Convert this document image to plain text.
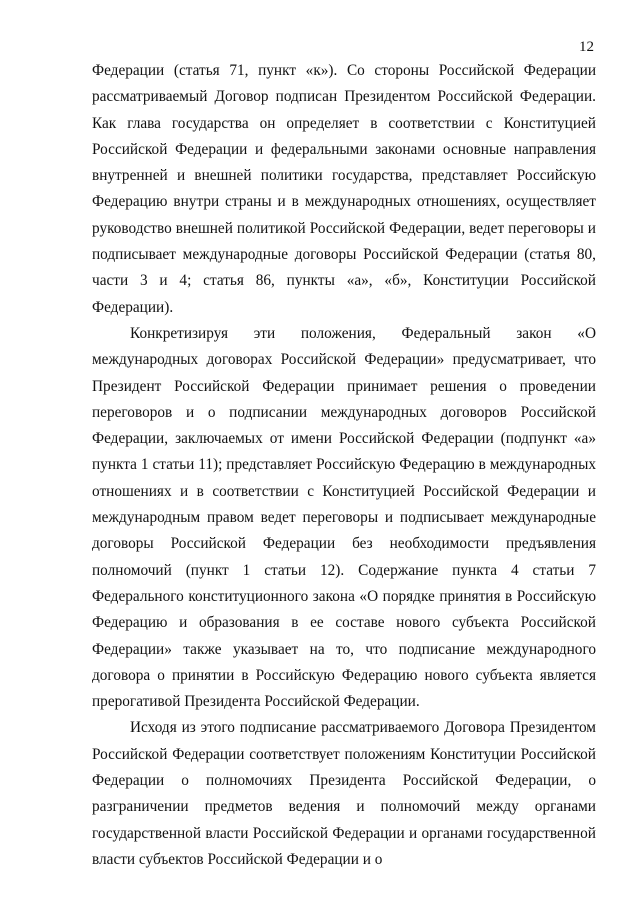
12

Федерации (статья 71, пункт «к»). Со стороны Российской Федерации рассматриваемый Договор подписан Президентом Российской Федерации. Как глава государства он определяет в соответствии с Конституцией Российской Федерации и федеральными законами основные направления внутренней и внешней политики государства, представляет Российскую Федерацию внутри страны и в международных отношениях, осуществляет руководство внешней политикой Российской Федерации, ведет переговоры и подписывает международные договоры Российской Федерации (статья 80, части 3 и 4; статья 86, пункты «а», «б», Конституции Российской Федерации).

Конкретизируя эти положения, Федеральный закон «О международных договорах Российской Федерации» предусматривает, что Президент Российской Федерации принимает решения о проведении переговоров и о подписании международных договоров Российской Федерации, заключаемых от имени Российской Федерации (подпункт «а» пункта 1 статьи 11); представляет Российскую Федерацию в международных отношениях и в соответствии с Конституцией Российской Федерации и международным правом ведет переговоры и подписывает международные договоры Российской Федерации без необходимости предъявления полномочий (пункт 1 статьи 12). Содержание пункта 4 статьи 7 Федерального конституционного закона «О порядке принятия в Российскую Федерацию и образования в ее составе нового субъекта Российской Федерации» также указывает на то, что подписание международного договора о принятии в Российскую Федерацию нового субъекта является прерогативой Президента Российской Федерации.

Исходя из этого подписание рассматриваемого Договора Президентом Российской Федерации соответствует положениям Конституции Российской Федерации о полномочиях Президента Российской Федерации, о разграничении предметов ведения и полномочий между органами государственной власти Российской Федерации и органами государственной власти субъектов Российской Федерации и о
